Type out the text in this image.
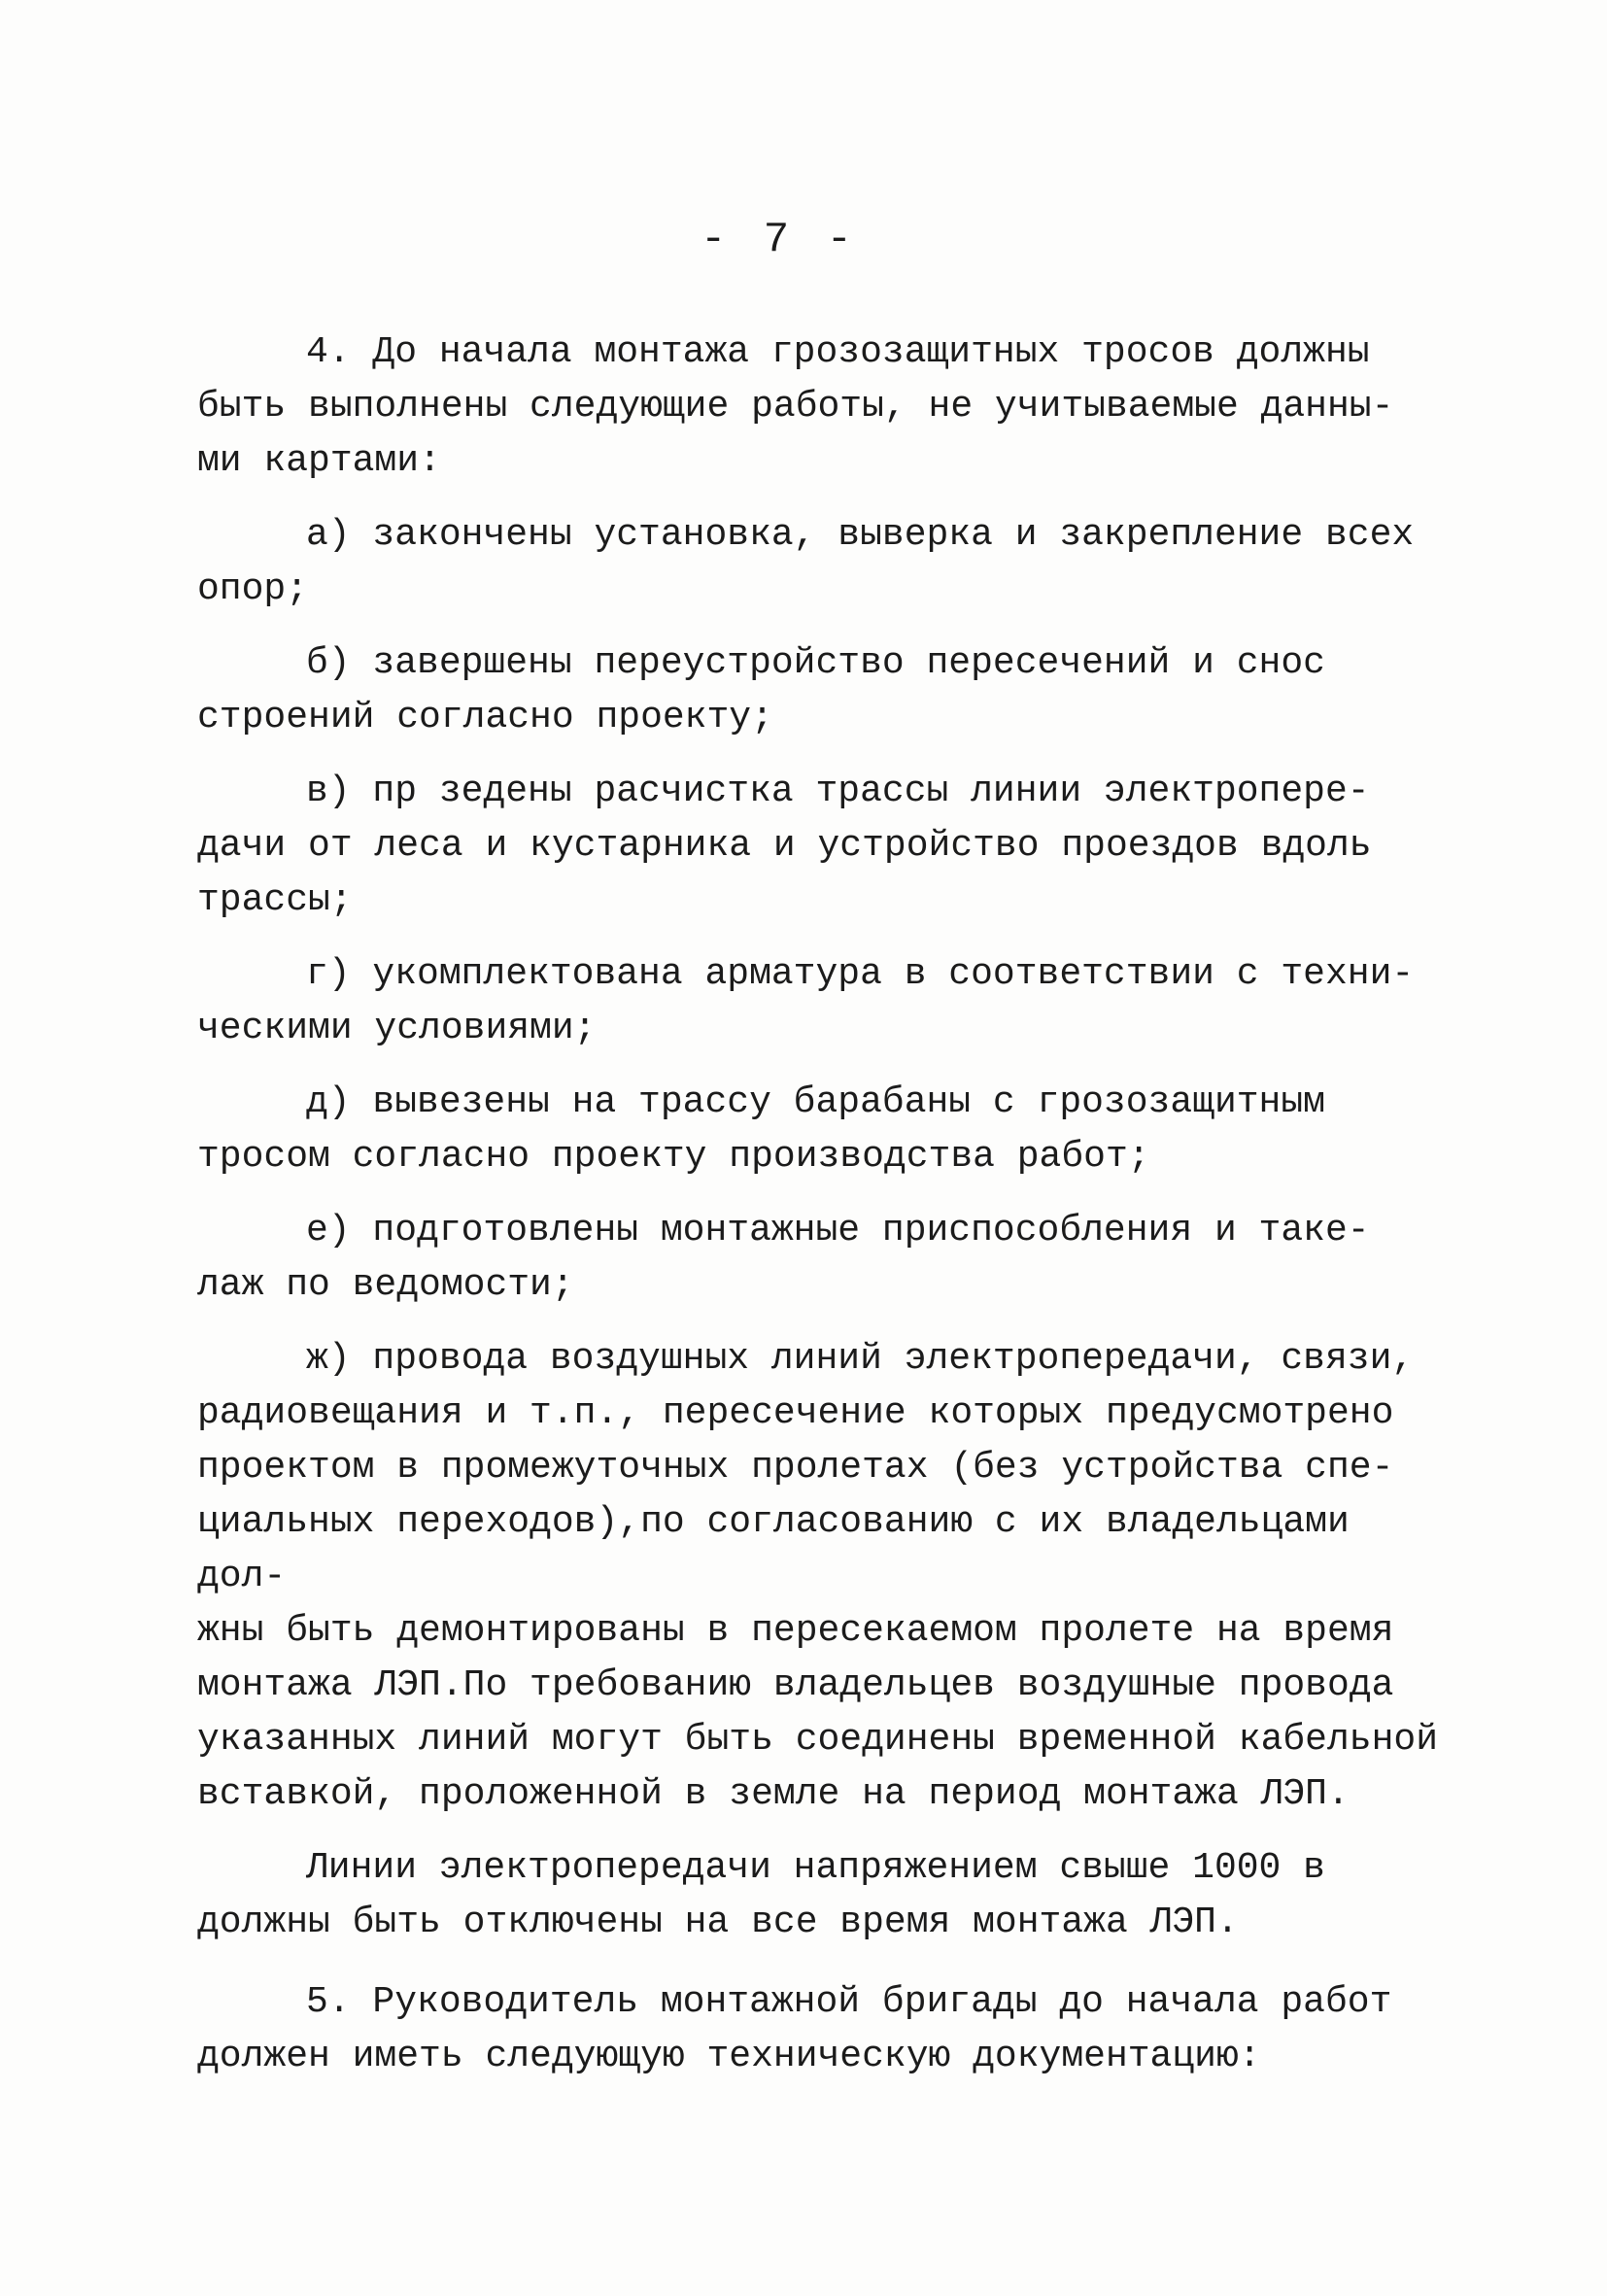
- 7 -

4. До начала монтажа грозозащитных тросов должны
быть выполнены следующие работы, не учитываемые данны-
ми картами:

а) закончены установка, выверка и закрепление всех
опор;

б) завершены переустройство пересечений и снос
строений согласно проекту;

в) пр зедены расчистка трассы линии электропере-
дачи от леса и кустарника и устройство проездов вдоль
трассы;

г) укомплектована арматура в соответствии с техни-
ческими условиями;

д) вывезены на трассу барабаны с грозозащитным
тросом согласно проекту производства работ;

е) подготовлены монтажные приспособления и таке-
лаж по ведомости;

ж) провода воздушных линий электропередачи, связи,
радиовещания и т.п., пересечение которых предусмотрено
проектом в промежуточных пролетах (без устройства спе-
циальных переходов),по согласованию с их владельцами дол-
жны быть демонтированы в пересекаемом пролете на время
монтажа ЛЭП.По требованию владельцев воздушные провода
указанных линий могут быть соединены временной кабельной
вставкой, проложенной в земле на период монтажа ЛЭП.

Линии электропередачи напряжением свыше 1000 в
должны быть отключены на все время монтажа ЛЭП.

5. Руководитель монтажной бригады до начала работ
должен иметь следующую техническую документацию:
